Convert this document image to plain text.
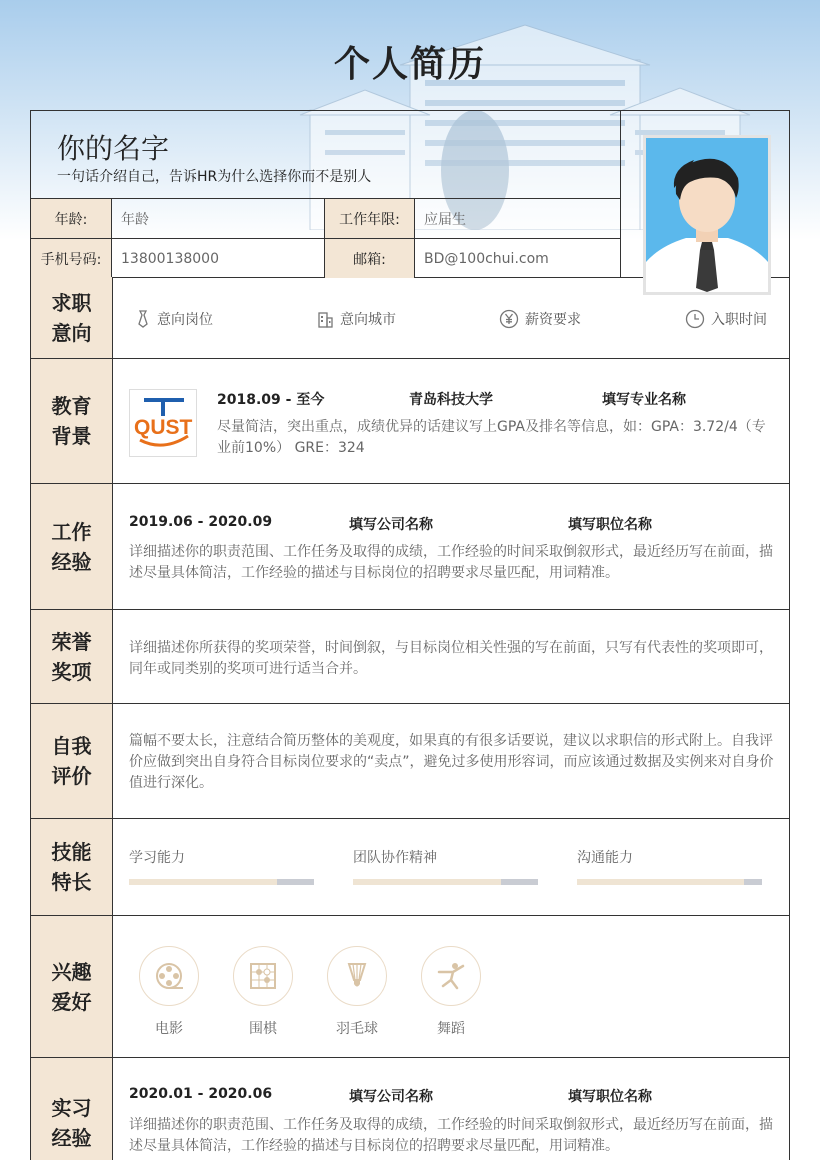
个人简历
你的名字
一句话介绍自己，告诉HR为什么选择你而不是别人
年龄:	年龄	工作年限:	应届生
手机号码:	13800138000	邮箱:	BD@100chui.com
求职意向
意向岗位	意向城市	薪资要求	入职时间
教育背景 QUST
2018.09 - 至今	青岛科技大学	填写专业名称
尽量简洁，突出重点，成绩优异的话建议写上GPA及排名等信息，如：GPA：3.72/4（专业前10%） GRE：324
工作经验
2019.06 - 2020.09	填写公司名称	填写职位名称
详细描述你的职责范围、工作任务及取得的成绩，工作经验的时间采取倒叙形式，最近经历写在前面，描述尽量具体简洁，工作经验的描述与目标岗位的招聘要求尽量匹配，用词精准。
荣誉奖项
详细描述你所获得的奖项荣誉，时间倒叙，与目标岗位相关性强的写在前面，只写有代表性的奖项即可，同年或同类别的奖项可进行适当合并。
自我评价
篇幅不要太长，注意结合简历整体的美观度，如果真的有很多话要说，建议以求职信的形式附上。自我评价应做到突出自身符合目标岗位要求的“卖点”，避免过多使用形容词，而应该通过数据及实例来对自身价值进行深化。
技能特长
学习能力	团队协作精神	沟通能力
兴趣爱好
电影	围棋	羽毛球	舞蹈
实习经验
2020.01 - 2020.06	填写公司名称	填写职位名称
详细描述你的职责范围、工作任务及取得的成绩，工作经验的时间采取倒叙形式，最近经历写在前面，描述尽量具体简洁，工作经验的描述与目标岗位的招聘要求尽量匹配，用词精准。
